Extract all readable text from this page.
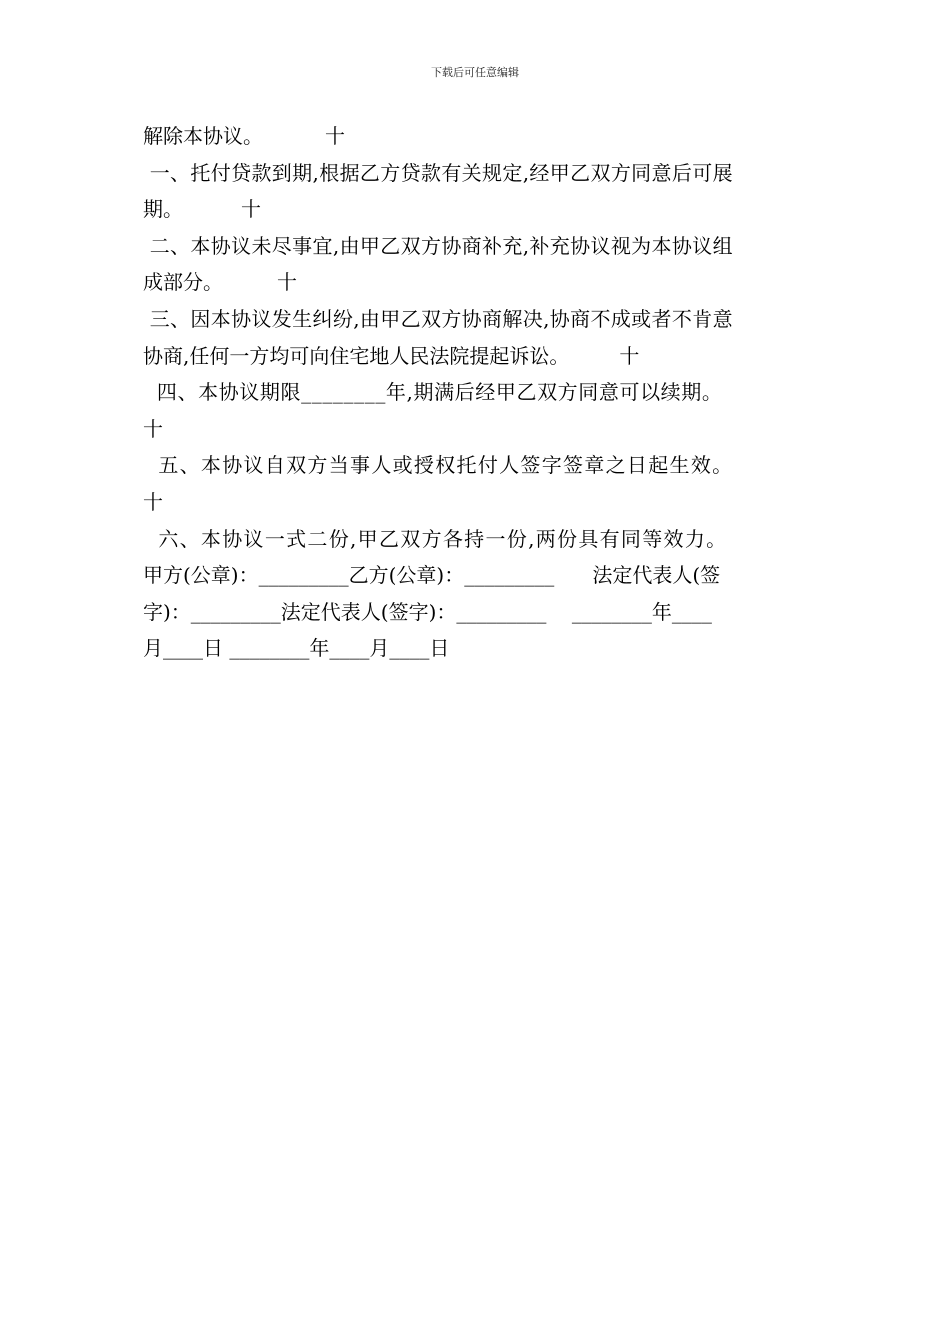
下载后可任意编辑
解除本协议。	十
一、托付贷款到期,根据乙方贷款有关规定,经甲乙双方同意后可展
期。	十
二、本协议未尽事宜,由甲乙双方协商补充,补充协议视为本协议组
成部分。	十
三、因本协议发生纠纷,由甲乙双方协商解决,协商不成或者不肯意
协商,任何一方均可向住宅地人民法院提起诉讼。	十
四、本协议期限________年,期满后经甲乙双方同意可以续期。
十
五、本协议自双方当事人或授权托付人签字签章之日起生效。
十
六、本协议一式二份,甲乙双方各持一份,两份具有同等效力。
甲方(公章)：_________乙方(公章)：_________      法定代表人(签
字)：_________法定代表人(签字)：_________    ________年____
月____日 ________年____月____日
